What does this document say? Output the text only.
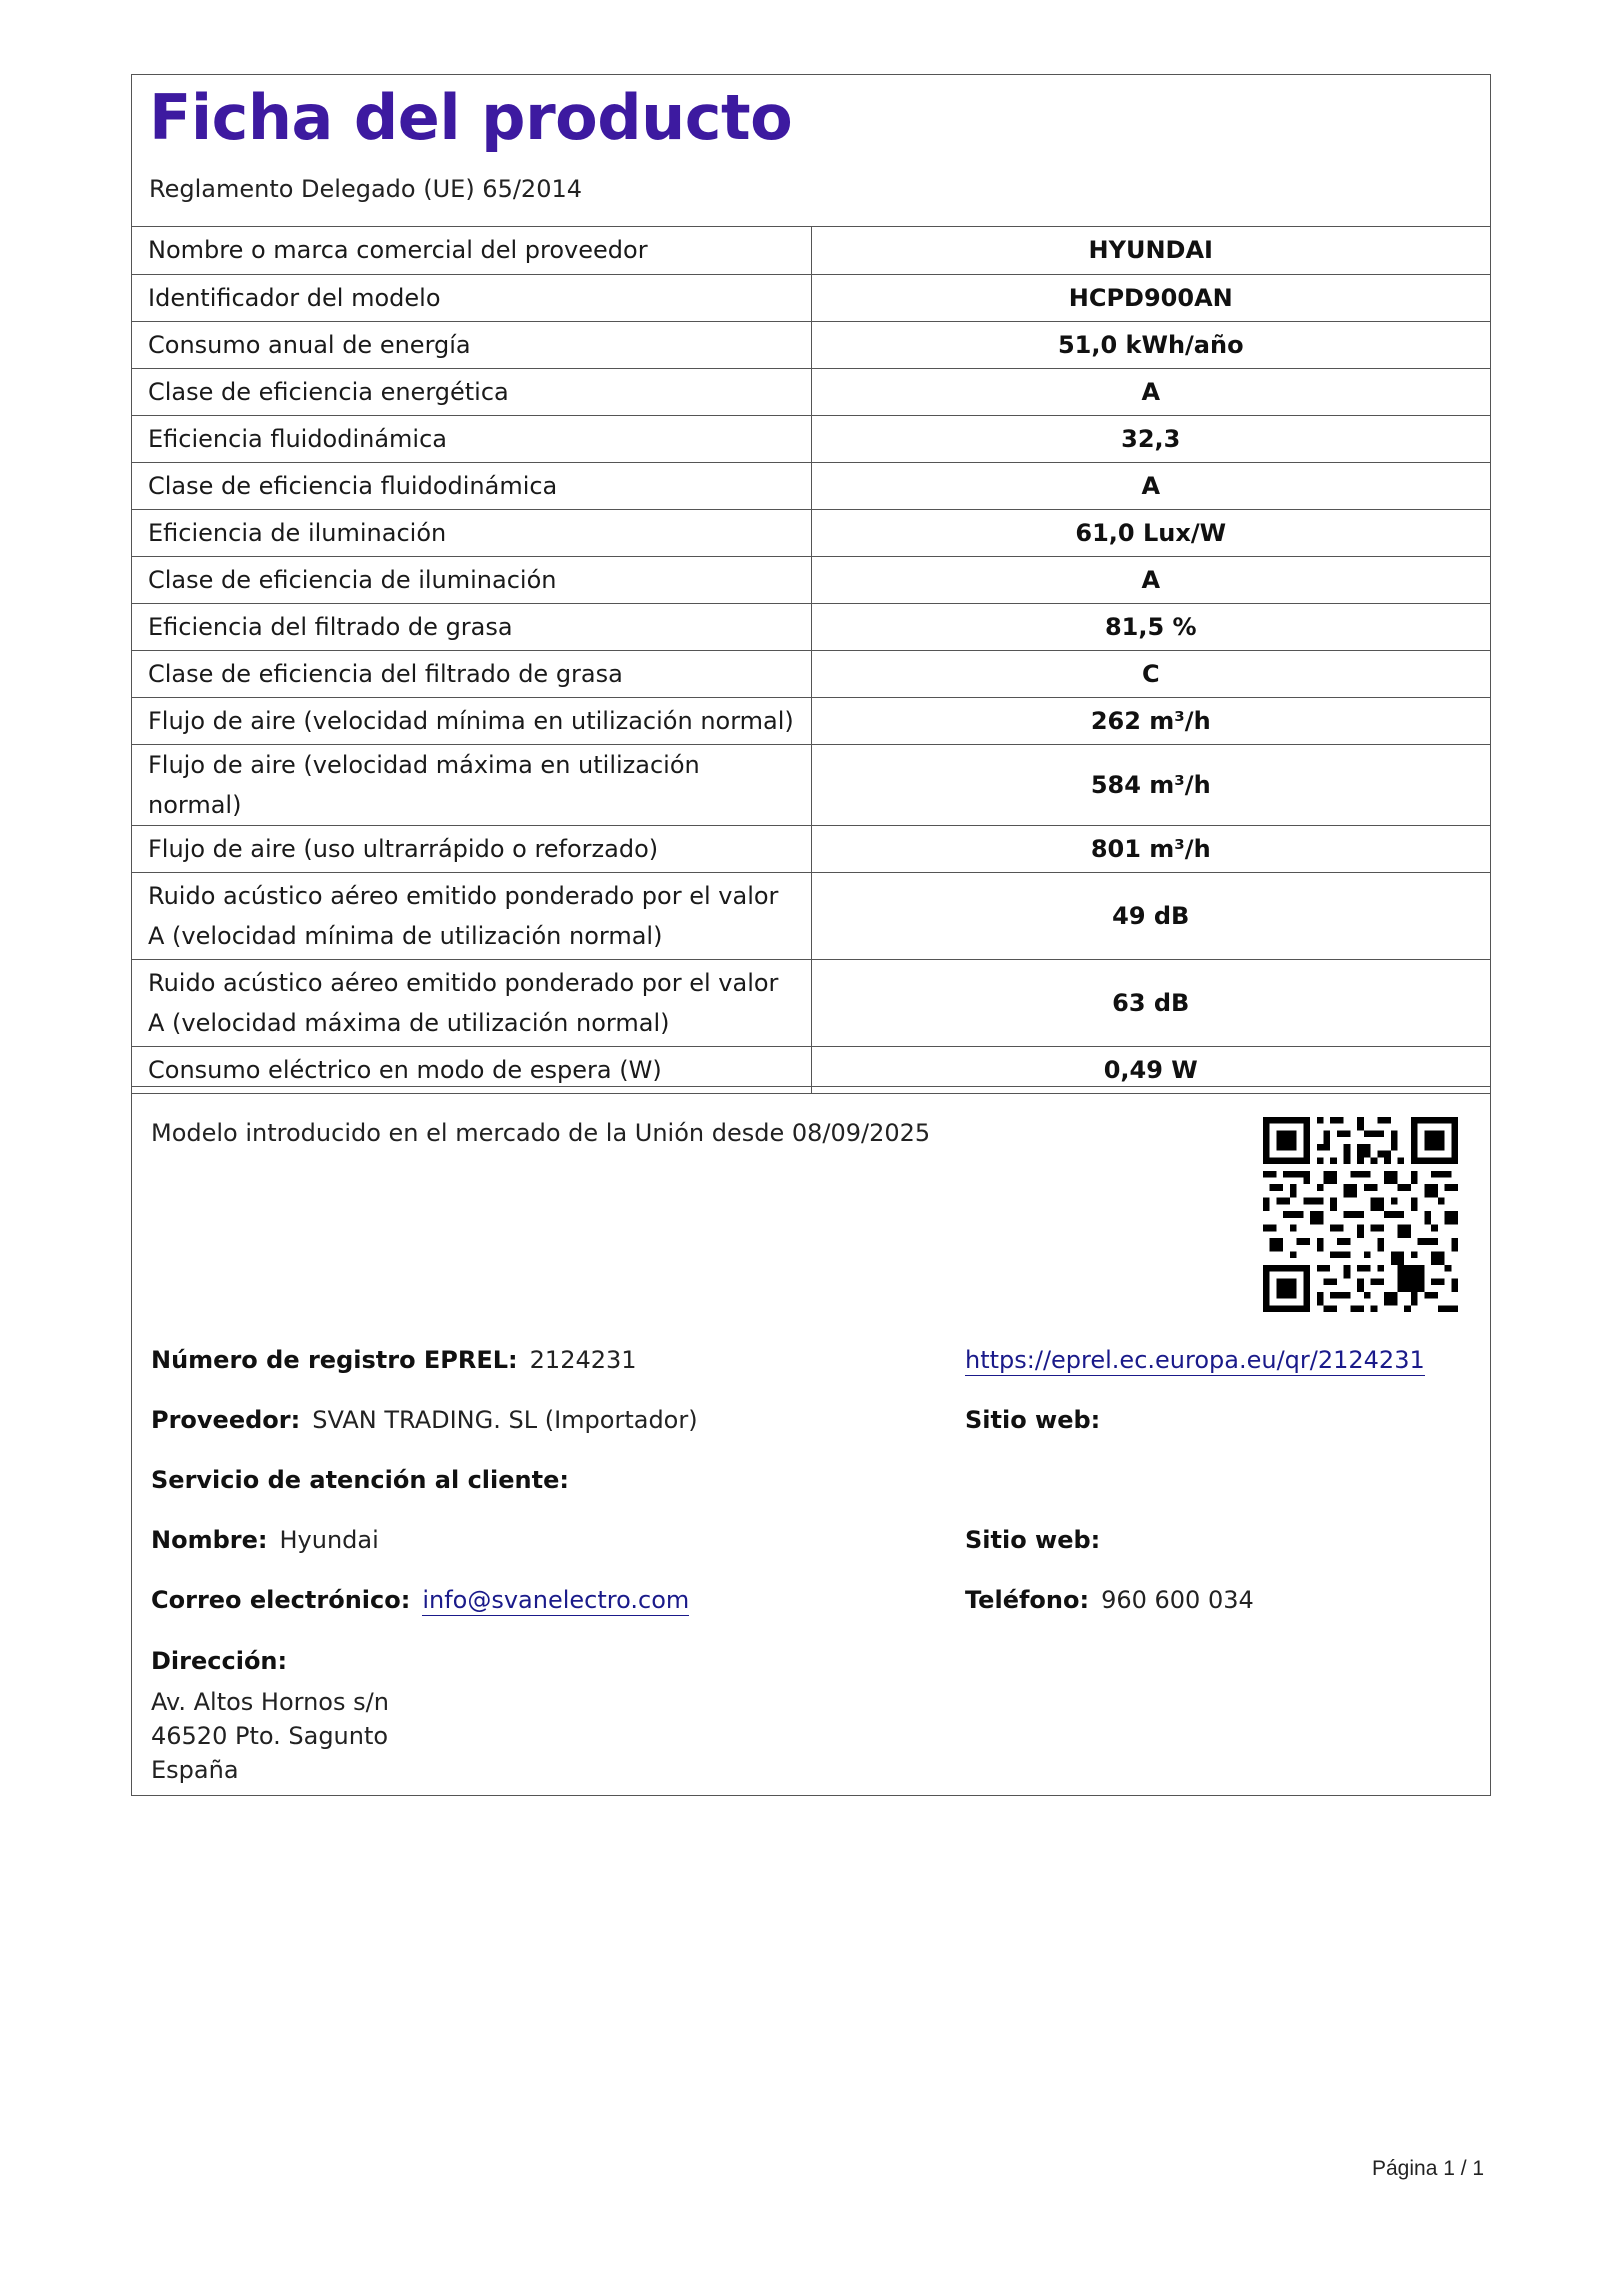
Ficha del producto
Reglamento Delegado (UE) 65/2014
Nombre o marca comercial del proveedor	HYUNDAI
Identificador del modelo	HCPD900AN
Consumo anual de energía	51,0 kWh/año
Clase de eficiencia energética	A
Eficiencia fluidodinámica	32,3
Clase de eficiencia fluidodinámica	A
Eficiencia de iluminación	61,0 Lux/W
Clase de eficiencia de iluminación	A
Eficiencia del filtrado de grasa	81,5 %
Clase de eficiencia del filtrado de grasa	C
Flujo de aire (velocidad mínima en utilización normal)	262 m³/h
Flujo de aire (velocidad máxima en utilización normal)	584 m³/h
Flujo de aire (uso ultrarrápido o reforzado)	801 m³/h
Ruido acústico aéreo emitido ponderado por el valor A (velocidad mínima de utilización normal)	49 dB
Ruido acústico aéreo emitido ponderado por el valor A (velocidad máxima de utilización normal)	63 dB
Consumo eléctrico en modo de espera (W)	0,49 W
Modelo introducido en el mercado de la Unión desde 08/09/2025
Número de registro EPREL: 2124231	https://eprel.ec.europa.eu/qr/2124231
Proveedor: SVAN TRADING. SL (Importador)	Sitio web:
Servicio de atención al cliente:
Nombre: Hyundai	Sitio web:
Correo electrónico: info@svanelectro.com	Teléfono: 960 600 034
Dirección:
Av. Altos Hornos s/n
46520 Pto. Sagunto
España
Página 1 / 1
